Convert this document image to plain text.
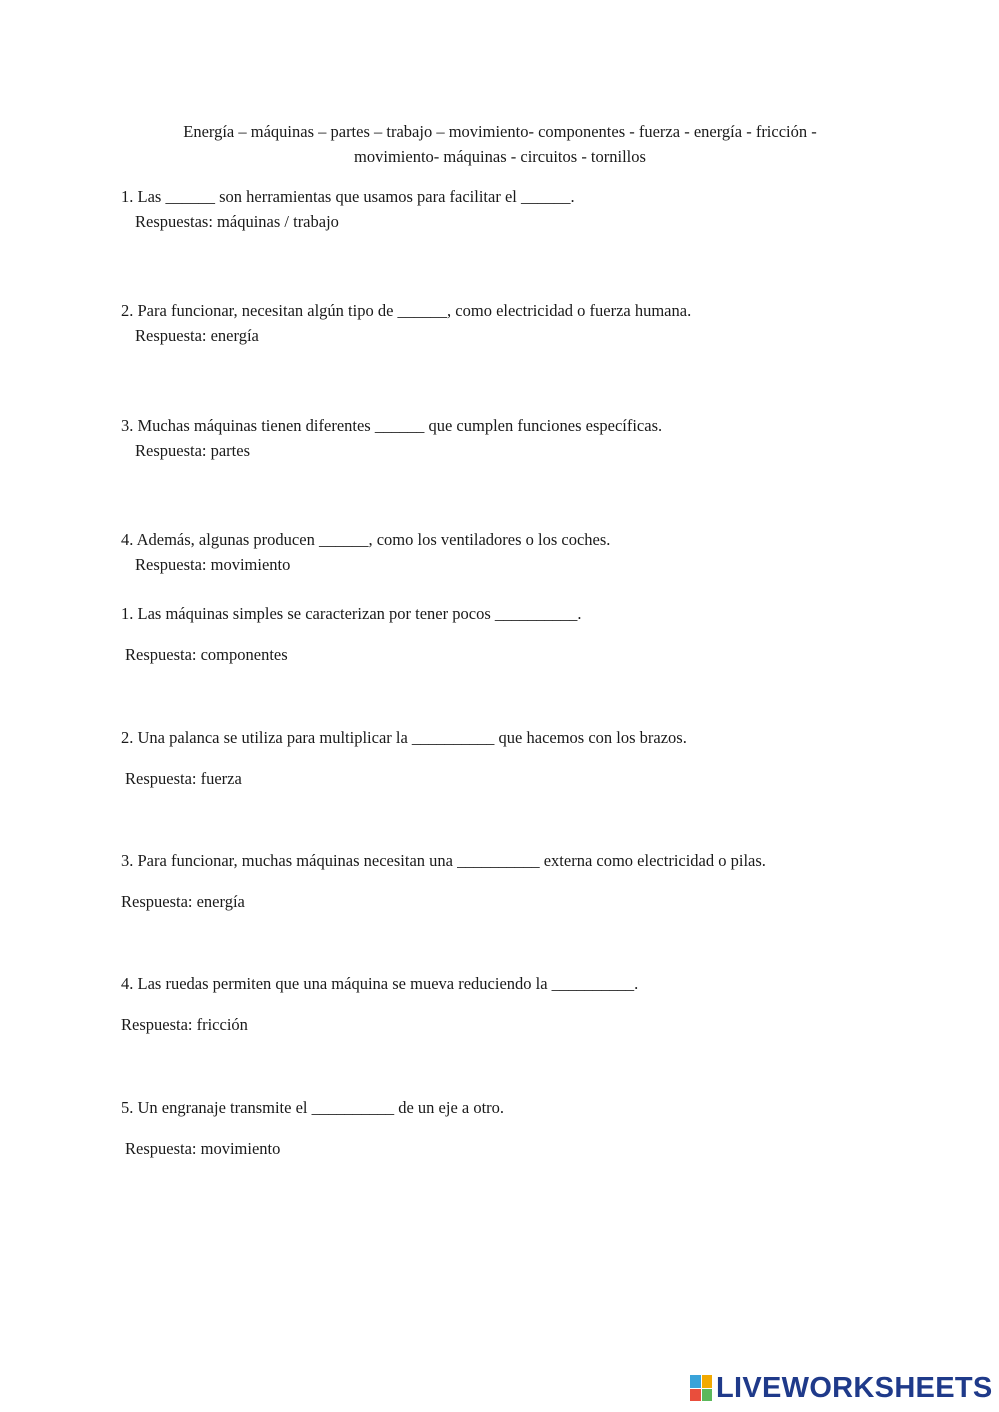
Energía – máquinas – partes – trabajo – movimiento- componentes - fuerza - energía - fricción -
movimiento- máquinas - circuitos - tornillos
1. Las ______ son herramientas que usamos para facilitar el ______.
Respuestas: máquinas / trabajo
2. Para funcionar, necesitan algún tipo de ______, como electricidad o fuerza humana.
Respuesta: energía
3. Muchas máquinas tienen diferentes ______ que cumplen funciones específicas.
Respuesta: partes
4. Además, algunas producen ______, como los ventiladores o los coches.
Respuesta: movimiento
1. Las máquinas simples se caracterizan por tener pocos __________.
Respuesta: componentes
2. Una palanca se utiliza para multiplicar la __________ que hacemos con los brazos.
Respuesta: fuerza
3. Para funcionar, muchas máquinas necesitan una __________ externa como electricidad o pilas.
Respuesta: energía
4. Las ruedas permiten que una máquina se mueva reduciendo la __________.
Respuesta: fricción
5. Un engranaje transmite el __________ de un eje a otro.
Respuesta: movimiento
LIVEWORKSHEETS
